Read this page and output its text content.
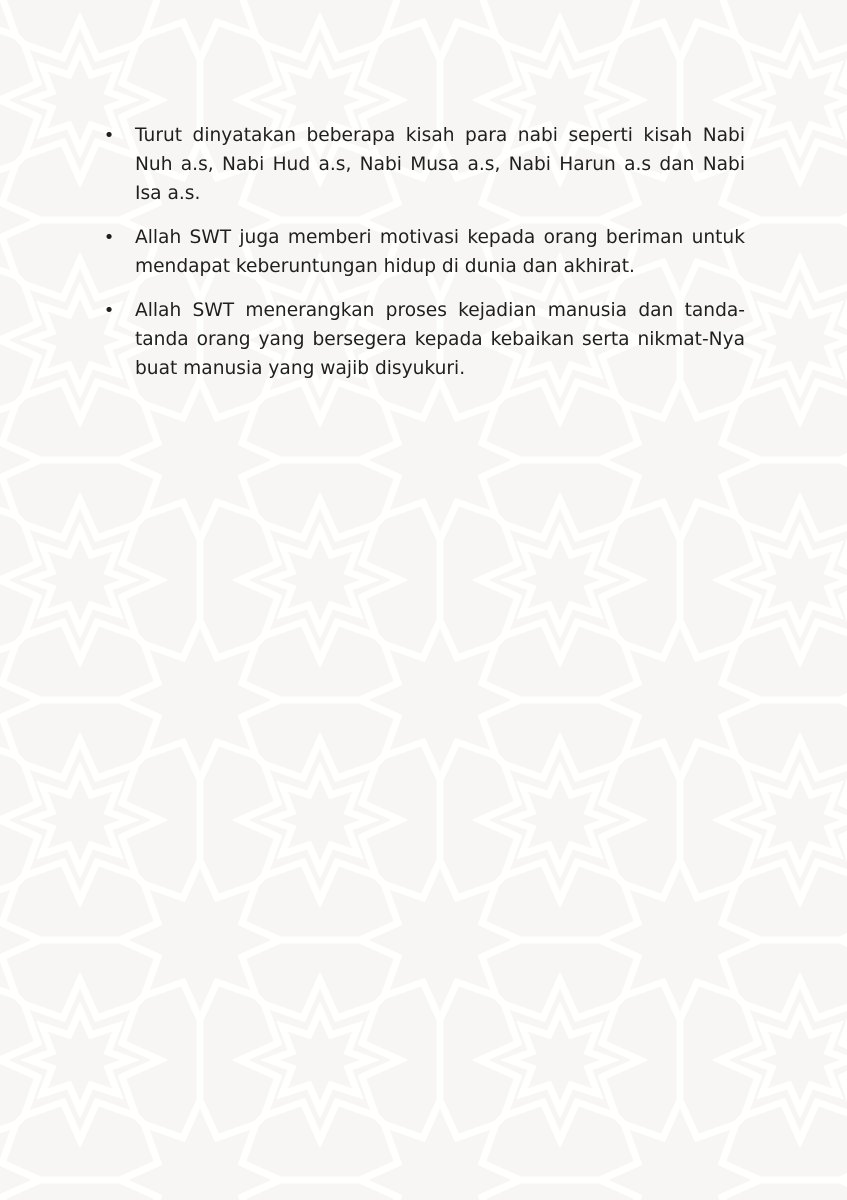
• Turut dinyatakan beberapa kisah para nabi seperti kisah Nabi Nuh a.s, Nabi Hud a.s, Nabi Musa a.s, Nabi Harun a.s dan Nabi Isa a.s.
• Allah SWT juga memberi motivasi kepada orang beriman untuk mendapat keberuntungan hidup di dunia dan akhirat.
• Allah SWT menerangkan proses kejadian manusia dan tanda-tanda orang yang bersegera kepada kebaikan serta nikmat-Nya buat manusia yang wajib disyukuri.
